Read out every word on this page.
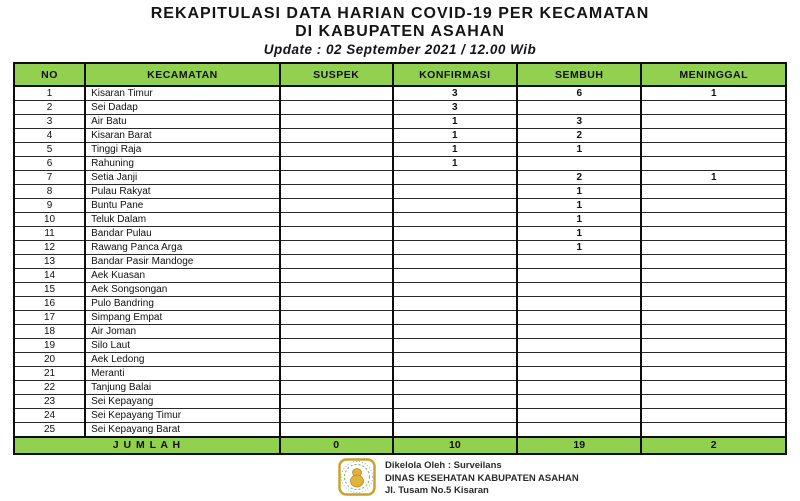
REKAPITULASI DATA HARIAN COVID-19 PER KECAMATAN
DI KABUPATEN ASAHAN
Update : 02 September 2021 / 12.00 Wib
NO	KECAMATAN	SUSPEK	KONFIRMASI	SEMBUH	MENINGGAL
1	Kisaran Timur		3	6	1
2	Sei Dadap		3		
3	Air Batu		1	3	
4	Kisaran Barat		1	2	
5	Tinggi Raja		1	1	
6	Rahuning		1		
7	Setia Janji			2	1
8	Pulau Rakyat			1	
9	Buntu Pane			1	
10	Teluk Dalam			1	
11	Bandar Pulau			1	
12	Rawang Panca Arga			1	
13	Bandar Pasir Mandoge				
14	Aek Kuasan				
15	Aek Songsongan				
16	Pulo Bandring				
17	Simpang Empat				
18	Air Joman				
19	Silo Laut				
20	Aek Ledong				
21	Meranti				
22	Tanjung Balai				
23	Sei Kepayang				
24	Sei Kepayang Timur				
25	Sei Kepayang Barat				
J U M L A H		0	10	19	2
Dikelola Oleh : Surveilans
DINAS KESEHATAN KABUPATEN ASAHAN
Jl. Tusam No.5 Kisaran
